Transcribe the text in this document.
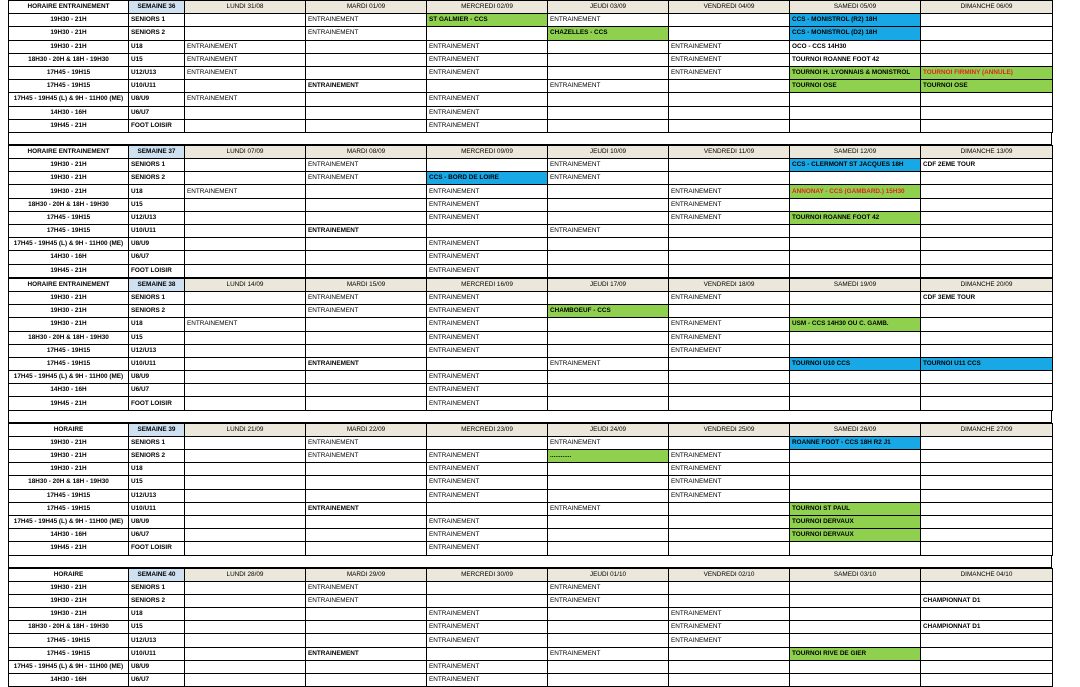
HORAIRE ENTRAINEMENT	SEMAINE 36	LUNDI 31/08	MARDI 01/09	MERCREDI 02/09	JEUDI 03/09	VENDREDI 04/09	SAMEDI 05/09	DIMANCHE 06/09
19H30 - 21H	SENIORS 1		ENTRAINEMENT	ST GALMIER - CCS	ENTRAINEMENT		CCS - MONISTROL (R2) 18H	
19H30 - 21H	SENIORS 2		ENTRAINEMENT		CHAZELLES - CCS		CCS - MONISTROL (D2) 18H	
19H30 - 21H	U18	ENTRAINEMENT		ENTRAINEMENT		ENTRAINEMENT	OCO - CCS 14H30	
18H30 - 20H & 18H - 19H30	U15	ENTRAINEMENT		ENTRAINEMENT		ENTRAINEMENT	TOURNOI ROANNE FOOT 42	
17H45 - 19H15	U12/U13	ENTRAINEMENT		ENTRAINEMENT		ENTRAINEMENT	TOURNOI H. LYONNAIS & MONISTROL	TOURNOI FIRMINY (ANNULE)
17H45 - 19H15	U10/U11		ENTRAINEMENT		ENTRAINEMENT		TOURNOI OSE	TOURNOI OSE
17H45 - 19H45 (L) & 9H - 11H00 (ME)	U8/U9	ENTRAINEMENT		ENTRAINEMENT				
14H30 - 16H	U6/U7			ENTRAINEMENT				
19H45 - 21H	FOOT LOISIR			ENTRAINEMENT				
HORAIRE ENTRAINEMENT	SEMAINE 37	LUNDI 07/09	MARDI 08/09	MERCREDI 09/09	JEUDI 10/09	VENDREDI 11/09	SAMEDI 12/09	DIMANCHE 13/09
19H30 - 21H	SENIORS 1		ENTRAINEMENT		ENTRAINEMENT		CCS - CLERMONT ST JACQUES 18H	CDF 2EME TOUR
19H30 - 21H	SENIORS 2		ENTRAINEMENT	CCS - BORD DE LOIRE	ENTRAINEMENT			
19H30 - 21H	U18	ENTRAINEMENT		ENTRAINEMENT		ENTRAINEMENT	ANNONAY - CCS (GAMBARD.) 15H30	
18H30 - 20H & 18H - 19H30	U15			ENTRAINEMENT		ENTRAINEMENT		
17H45 - 19H15	U12/U13			ENTRAINEMENT		ENTRAINEMENT	TOURNOI ROANNE FOOT 42	
17H45 - 19H15	U10/U11		ENTRAINEMENT		ENTRAINEMENT			
17H45 - 19H45 (L) & 9H - 11H00 (ME)	U8/U9			ENTRAINEMENT				
14H30 - 16H	U6/U7			ENTRAINEMENT				
19H45 - 21H	FOOT LOISIR			ENTRAINEMENT				
HORAIRE ENTRAINEMENT	SEMAINE 38	LUNDI 14/09	MARDI 15/09	MERCREDI 16/09	JEUDI 17/09	VENDREDI 18/09	SAMEDI 19/09	DIMANCHE 20/09
19H30 - 21H	SENIORS 1		ENTRAINEMENT	ENTRAINEMENT		ENTRAINEMENT		CDF 3EME TOUR
19H30 - 21H	SENIORS 2		ENTRAINEMENT	ENTRAINEMENT	CHAMBOEUF - CCS			
19H30 - 21H	U18	ENTRAINEMENT		ENTRAINEMENT		ENTRAINEMENT	USM - CCS 14H30 OU C. GAMB.	
18H30 - 20H & 18H - 19H30	U15			ENTRAINEMENT		ENTRAINEMENT		
17H45 - 19H15	U12/U13			ENTRAINEMENT		ENTRAINEMENT		
17H45 - 19H15	U10/U11		ENTRAINEMENT		ENTRAINEMENT		TOURNOI U10 CCS	TOURNOI U11 CCS
17H45 - 19H45 (L) & 9H - 11H00 (ME)	U8/U9			ENTRAINEMENT				
14H30 - 16H	U6/U7			ENTRAINEMENT				
19H45 - 21H	FOOT LOISIR			ENTRAINEMENT				
HORAIRE	SEMAINE 39	LUNDI 21/09	MARDI 22/09	MERCREDI 23/09	JEUDI 24/09	VENDREDI 25/09	SAMEDI 26/09	DIMANCHE 27/09
19H30 - 21H	SENIORS 1		ENTRAINEMENT		ENTRAINEMENT		ROANNE FOOT - CCS 18H R2 J1	
19H30 - 21H	SENIORS 2		ENTRAINEMENT	ENTRAINEMENT	............	ENTRAINEMENT		
19H30 - 21H	U18			ENTRAINEMENT		ENTRAINEMENT		
18H30 - 20H & 18H - 19H30	U15			ENTRAINEMENT		ENTRAINEMENT		
17H45 - 19H15	U12/U13			ENTRAINEMENT		ENTRAINEMENT		
17H45 - 19H15	U10/U11		ENTRAINEMENT		ENTRAINEMENT		TOURNOI ST PAUL	
17H45 - 19H45 (L) & 9H - 11H00 (ME)	U8/U9			ENTRAINEMENT			TOURNOI DERVAUX	
14H30 - 16H	U6/U7			ENTRAINEMENT			TOURNOI DERVAUX	
19H45 - 21H	FOOT LOISIR			ENTRAINEMENT				
HORAIRE	SEMAINE 40	LUNDI 28/09	MARDI 29/09	MERCREDI 30/09	JEUDI 01/10	VENDREDI 02/10	SAMEDI 03/10	DIMANCHE 04/10
19H30 - 21H	SENIORS 1		ENTRAINEMENT		ENTRAINEMENT			
19H30 - 21H	SENIORS 2		ENTRAINEMENT		ENTRAINEMENT			CHAMPIONNAT D1
19H30 - 21H	U18			ENTRAINEMENT		ENTRAINEMENT		
18H30 - 20H & 18H - 19H30	U15			ENTRAINEMENT		ENTRAINEMENT		CHAMPIONNAT D1
17H45 - 19H15	U12/U13			ENTRAINEMENT		ENTRAINEMENT		
17H45 - 19H15	U10/U11		ENTRAINEMENT		ENTRAINEMENT		TOURNOI RIVE DE GIER	
17H45 - 19H45 (L) & 9H - 11H00 (ME)	U8/U9			ENTRAINEMENT				
14H30 - 16H	U6/U7			ENTRAINEMENT				
